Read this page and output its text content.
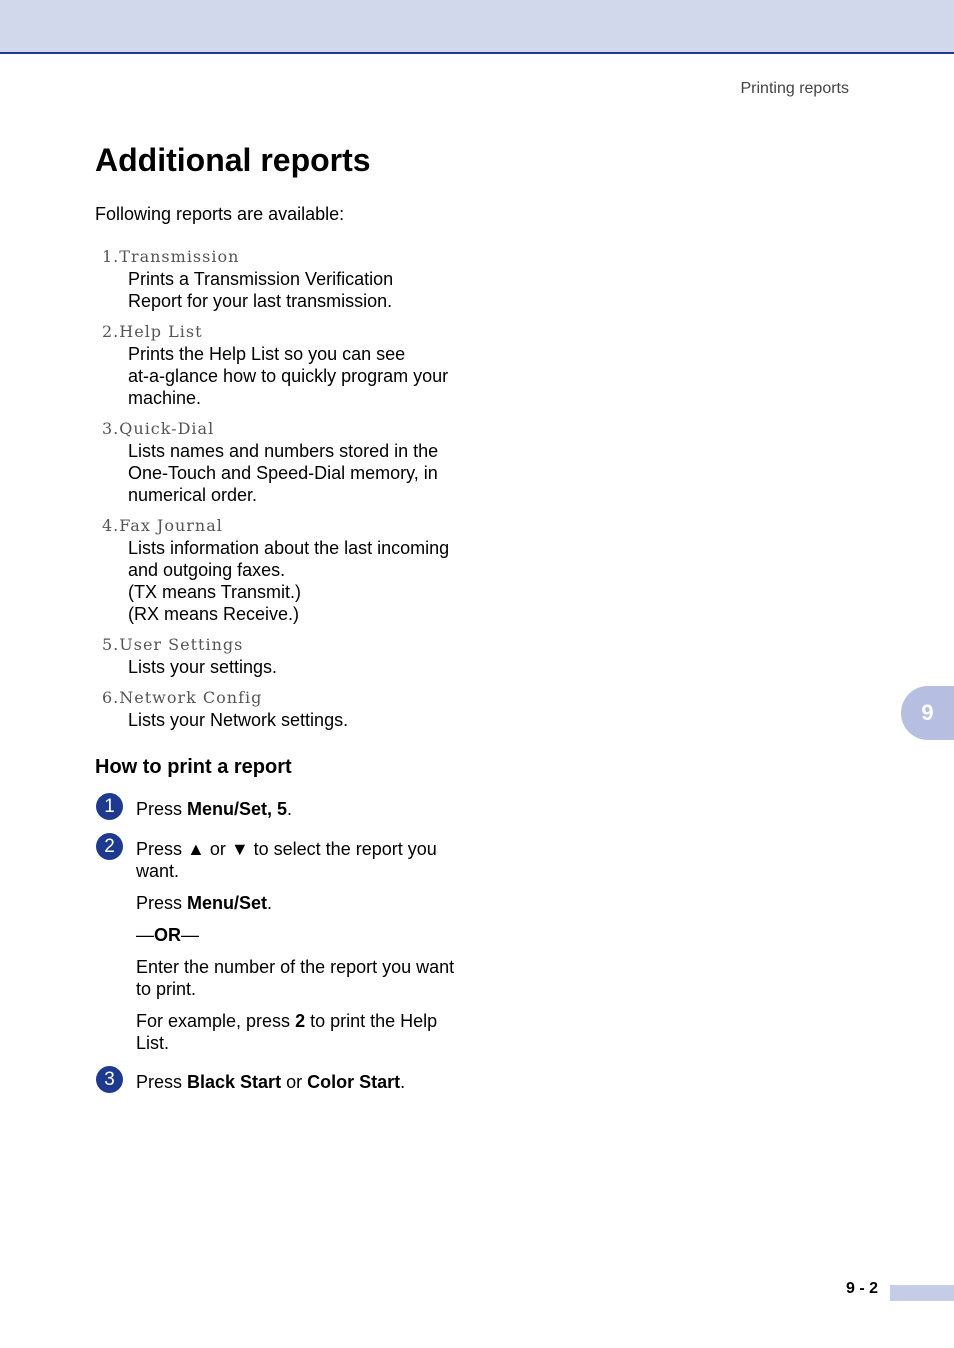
Printing reports
Additional reports
Following reports are available:
1.Transmission
Prints a Transmission Verification
Report for your last transmission.
2.Help List
Prints the Help List so you can see
at-a-glance how to quickly program your
machine.
3.Quick-Dial
Lists names and numbers stored in the
One-Touch and Speed-Dial memory, in
numerical order.
4.Fax Journal
Lists information about the last incoming
and outgoing faxes.
(TX means Transmit.)
(RX means Receive.)
5.User Settings
Lists your settings.
6.Network Config
Lists your Network settings.
How to print a report
1	Press Menu/Set, 5.
2	Press ▲ or ▼ to select the report you
want.
Press Menu/Set.
—OR—
Enter the number of the report you want
to print.
For example, press 2 to print the Help
List.
3	Press Black Start or Color Start.
9
9 - 2
